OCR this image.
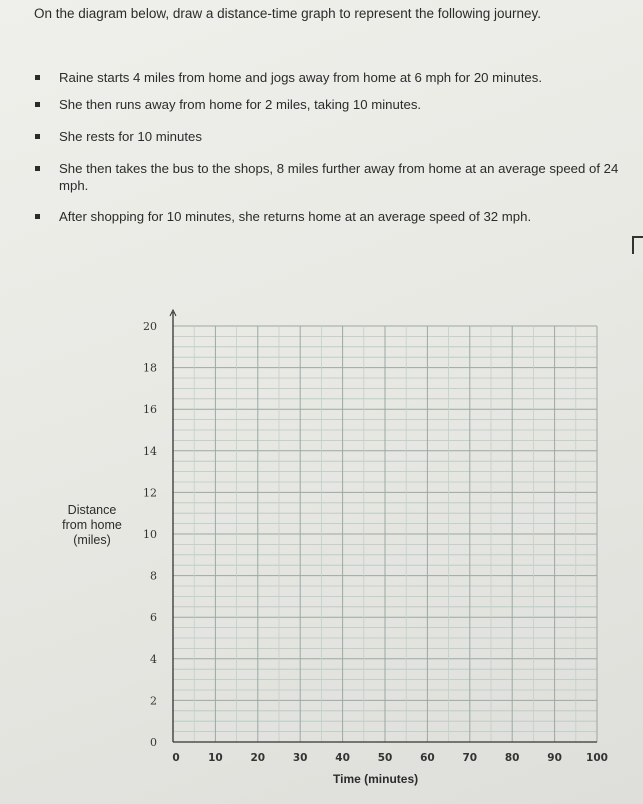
On the diagram below, draw a distance-time graph to represent the following journey.
Raine starts 4 miles from home and jogs away from home at 6 mph for 20 minutes.
She then runs away from home for 2 miles, taking 10 minutes.
She rests for 10 minutes
She then takes the bus to the shops, 8 miles further away from home at an average speed of 24 mph.
After shopping for 10 minutes, she returns home at an average speed of 32 mph.
Distance
from home
(miles)
0
2
4
6
8
10
12
14
16
18
20
0	10	20	30	40	50	60	70	80	90 100
Time (minutes)
